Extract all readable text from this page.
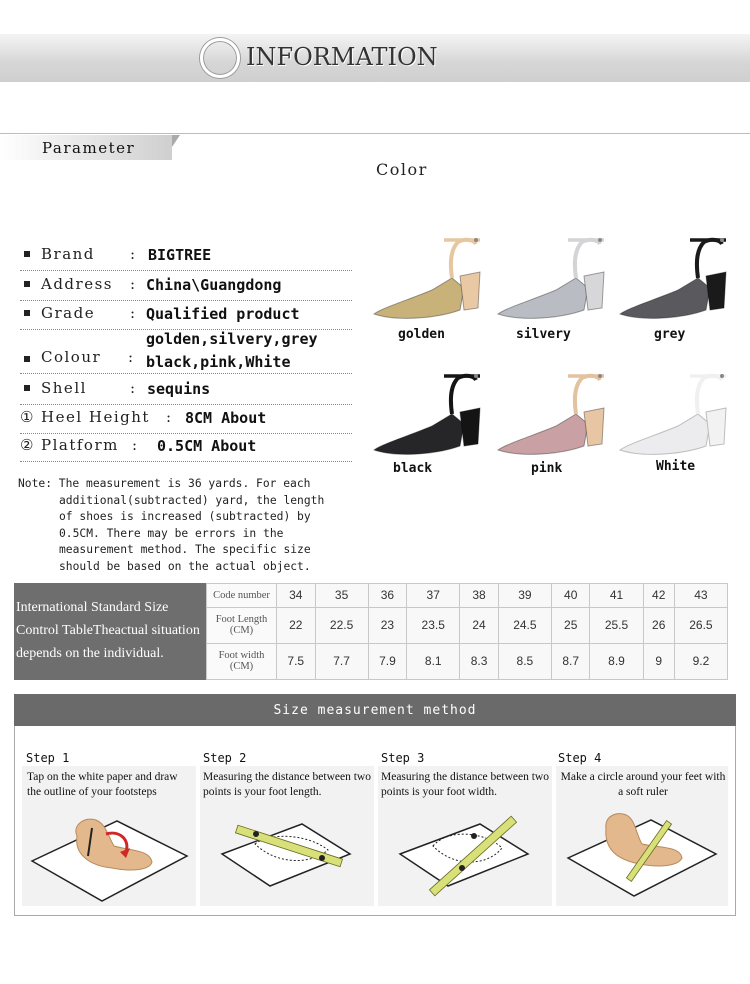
INFORMATION
Parameter
Color
Brand : BIGTREE
Address : China\Guangdong
Grade : Qualified product
golden,silvery,grey
Colour : black,pink,White
Shell	: sequins
① Heel Height : 8CM About
② Platform : 0.5CM About

Note: The measurement is 36 yards. For each

additional(subtracted) yard, the length

of shoes is increased (subtracted) by

0.5CM. There may be errors in the

measurement method. The specific size

should be based on the actual object.

golden	silvery	grey
black	pink	White
International Standard Size Control TableTheactual situation depends on the individual.
Code number	34	35	36	37	38	39	40	41	42	43
Foot Length (CM)	22	22.5	23	23.5	24	24.5	25	25.5	26	26.5
Foot width (CM)	7.5	7.7	7.9	8.1	8.3	8.5	8.7	8.9	9	9.2
Size measurement method
Step 1	Step 2	Step 3	Step 4
Tap on the white paper and draw the outline of your footsteps
Measuring the distance between two points is your foot length.
Measuring the distance between two points is your foot width.
Make a circle around your feet with a soft ruler
